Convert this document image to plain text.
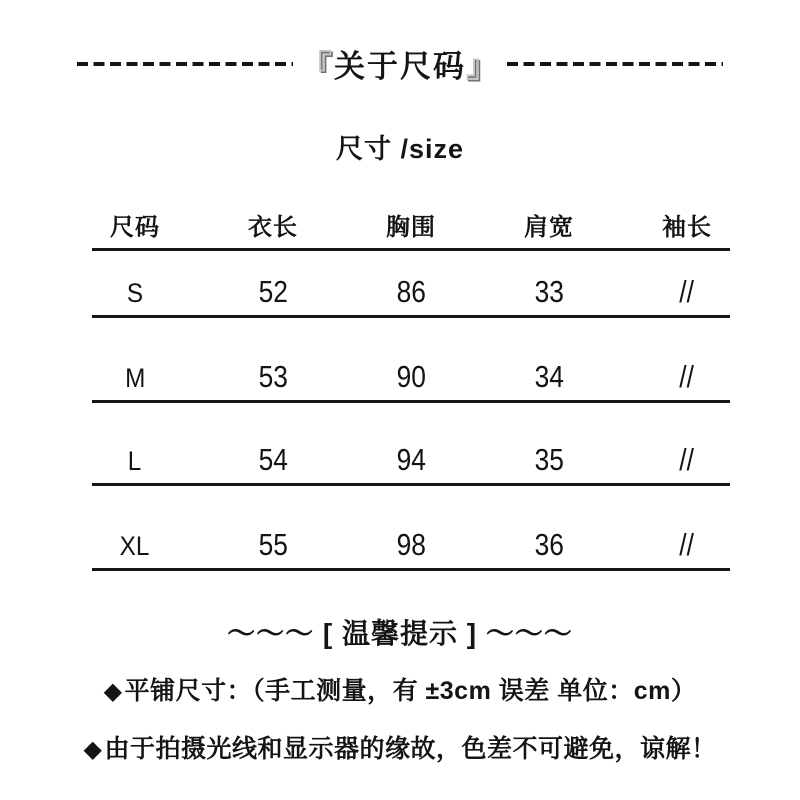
『关于尺码』
尺寸 /size
尺码	衣长	胸围	肩宽	袖长
S	52	86	33	//
M	53	90	34	//
L	54	94	35	//
XL	55	98	36	//
～～～ [ 温馨提示 ] ～～～
◆平铺尺寸：（手工测量，有 ±3cm 误差 单位：cm）
◆由于拍摄光线和显示器的缘故，色差不可避免，谅解！
